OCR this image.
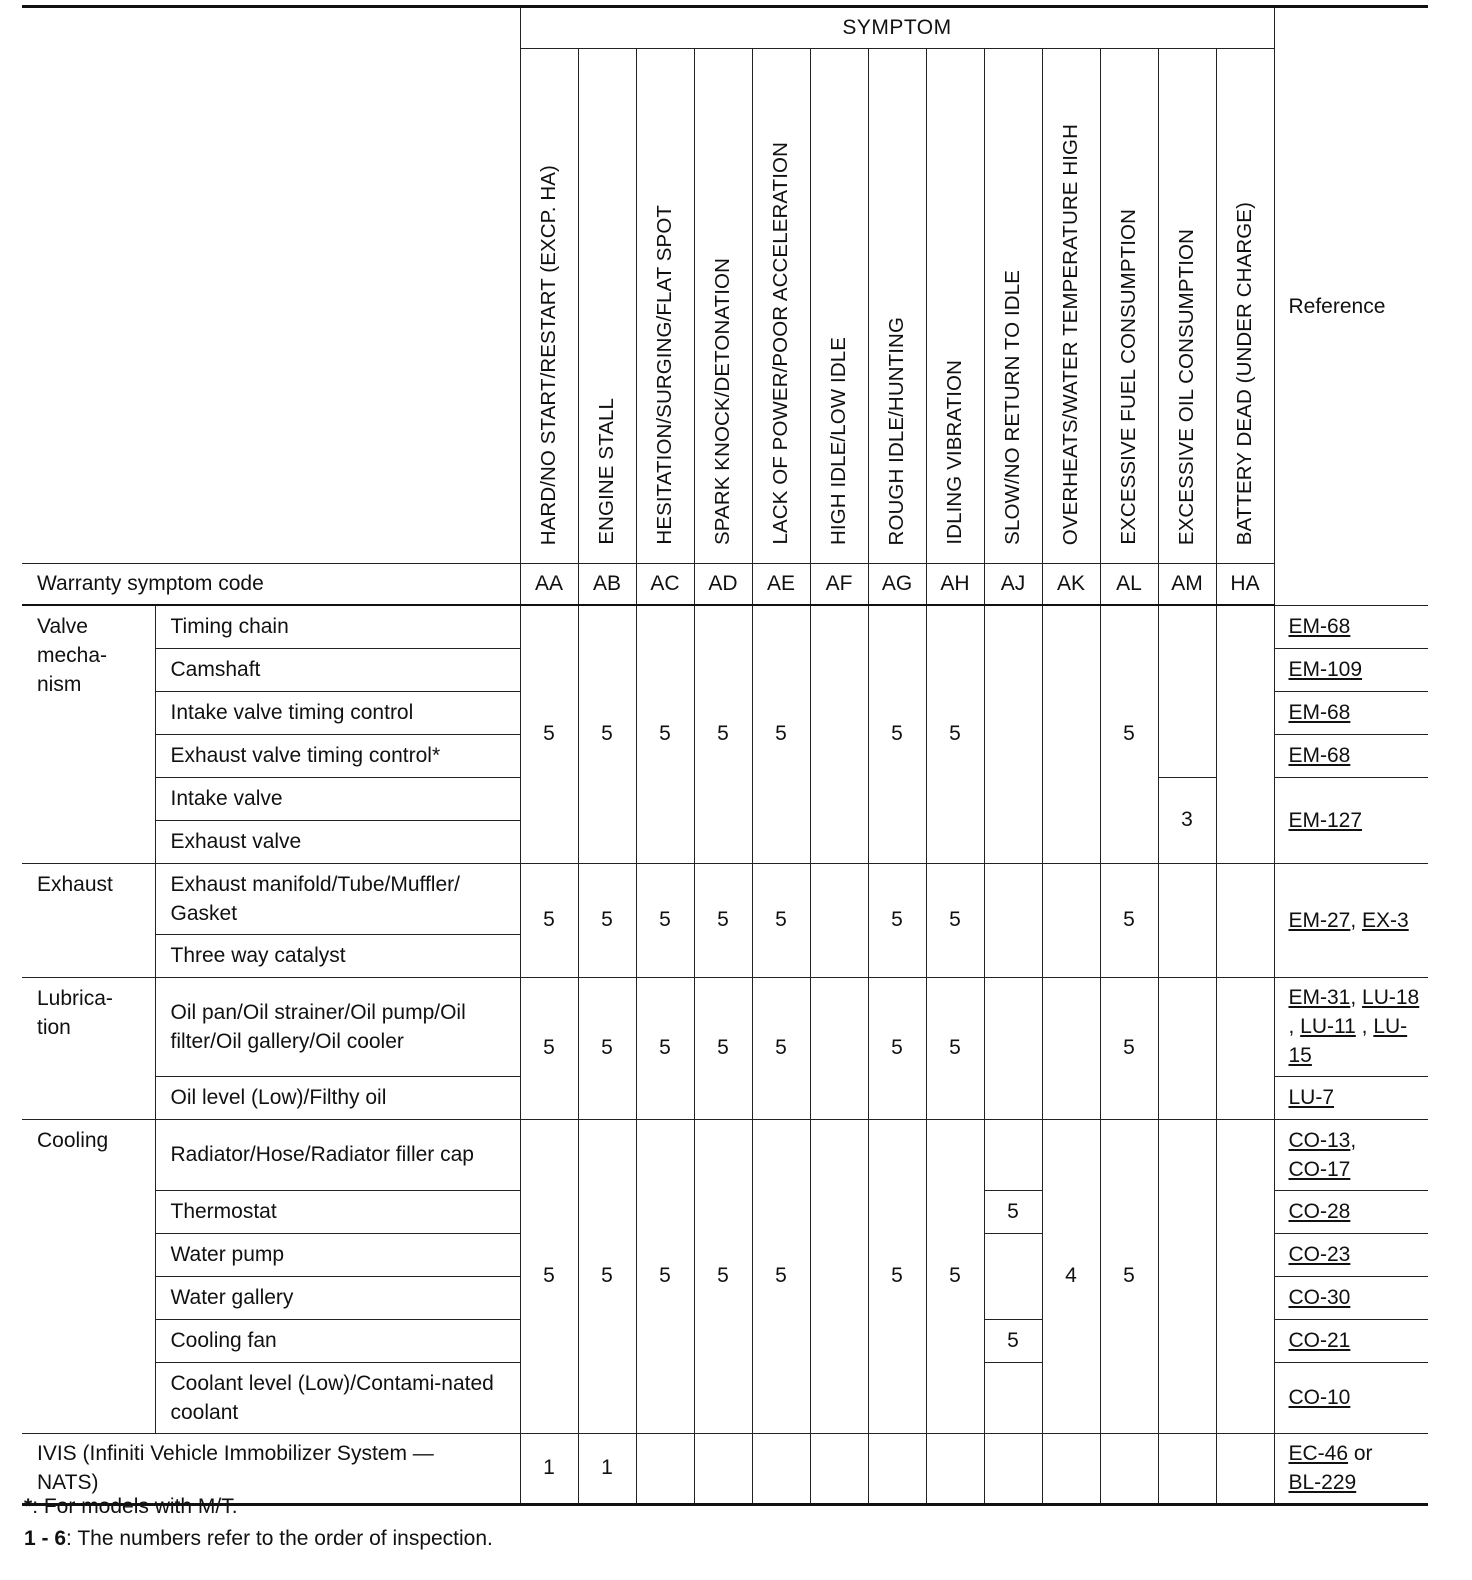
		SYMPTOM													Reference
		HARD/NO START/RESTART (EXCP. HA)	ENGINE STALL	HESITATION/SURGING/FLAT SPOT	SPARK KNOCK/DETONATION	LACK OF POWER/POOR ACCELERATION	HIGH IDLE/LOW IDLE	ROUGH IDLE/HUNTING	IDLING VIBRATION	SLOW/NO RETURN TO IDLE	OVERHEATS/WATER TEMPERATURE HIGH	EXCESSIVE FUEL CONSUMPTION	EXCESSIVE OIL CONSUMPTION	BATTERY DEAD (UNDER CHARGE)	
Warranty symptom code		AA	AB	AC	AD	AE	AF	AG	AH	AJ	AK	AL	AM	HA	

Valve mecha-nism	Timing chain	5	5	5	5	5		5	5			5			EM-68
	Camshaft														EM-109
	Intake valve timing control														EM-68
	Exhaust valve timing control*														EM-68
	Intake valve												3		EM-127
	Exhaust valve														
Exhaust	Exhaust manifold/Tube/Muffler/ Gasket	5	5	5	5	5		5	5			5			EM-27, EX-3
	Three way catalyst														

Lubrica-tion	Oil pan/Oil strainer/Oil pump/Oil filter/Oil gallery/Oil cooler	5	5	5	5	5		5	5			5			EM-31, LU-18 , LU-11 , LU-15
	Oil level (Low)/Filthy oil														LU-7
Cooling	Radiator/Hose/Radiator filler cap	5	5	5	5	5		5	5		4	5			CO-13,
CO-17
	Thermostat									5					CO-28
	Water pump														CO-23
	Water gallery														CO-30
	Cooling fan									5					CO-21
	Coolant level (Low)/Contami-nated coolant														CO-10
IVIS (Infiniti Vehicle Immobilizer System — NATS)		1	1												EC-46 or
BL-229
*: For models with M/T.
1 - 6: The numbers refer to the order of inspection.
